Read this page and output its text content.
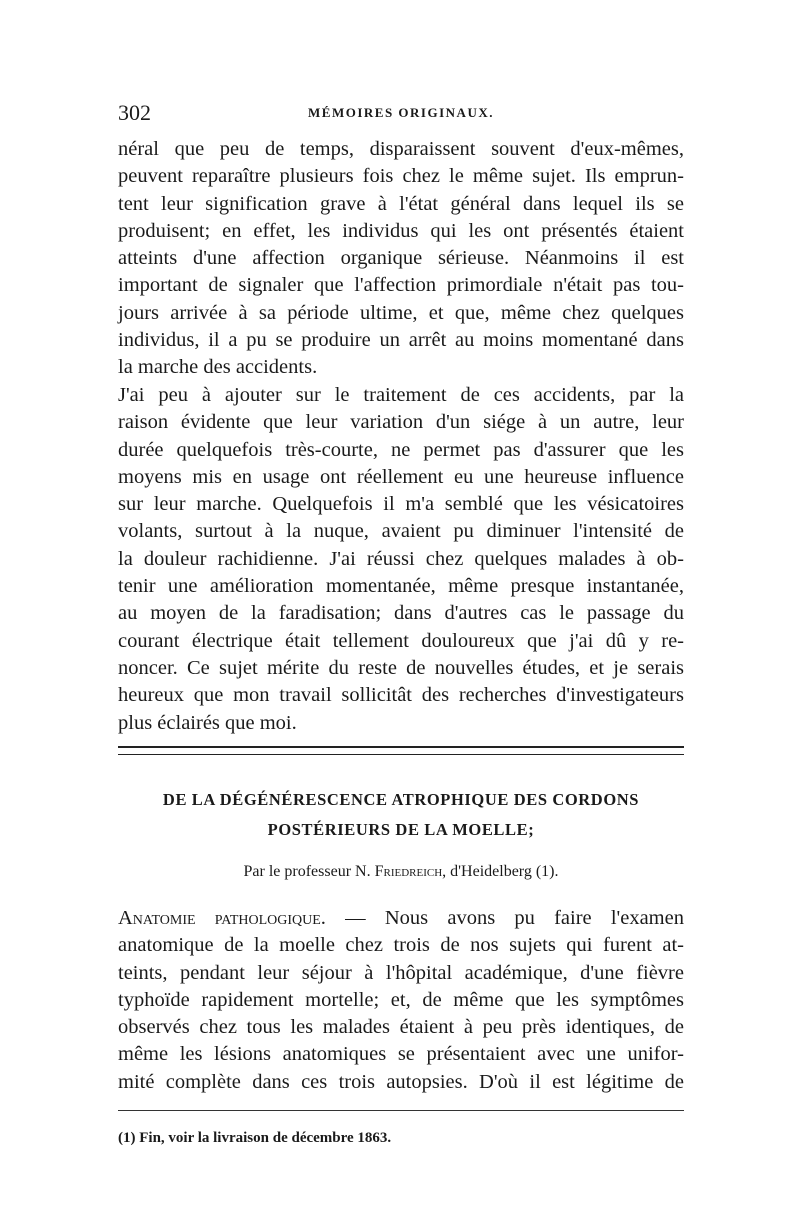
302	MÉMOIRES ORIGINAUX.

néral que peu de temps, disparaissent souvent d'eux-mêmes,

peuvent reparaître plusieurs fois chez le même sujet. Ils emprun-

tent leur signification grave à l'état général dans lequel ils se

produisent; en effet, les individus qui les ont présentés étaient

atteints d'une affection organique sérieuse. Néanmoins il est

important de signaler que l'affection primordiale n'était pas tou-

jours arrivée à sa période ultime, et que, même chez quelques

individus, il a pu se produire un arrêt au moins momentané dans

la marche des accidents.

J'ai peu à ajouter sur le traitement de ces accidents, par la

raison évidente que leur variation d'un siége à un autre, leur

durée quelquefois très-courte, ne permet pas d'assurer que les

moyens mis en usage ont réellement eu une heureuse influence

sur leur marche. Quelquefois il m'a semblé que les vésicatoires

volants, surtout à la nuque, avaient pu diminuer l'intensité de

la douleur rachidienne. J'ai réussi chez quelques malades à ob-

tenir une amélioration momentanée, même presque instantanée,

au moyen de la faradisation; dans d'autres cas le passage du

courant électrique était tellement douloureux que j'ai dû y re-

noncer. Ce sujet mérite du reste de nouvelles études, et je serais

heureux que mon travail sollicitât des recherches d'investigateurs

plus éclairés que moi.

DE LA DÉGÉNÉRESCENCE ATROPHIQUE DES CORDONS
POSTÉRIEURS DE LA MOELLE;
Par le professeur N. Friedreich, d'Heidelberg (1).

Anatomie pathologique. — Nous avons pu faire l'examen

anatomique de la moelle chez trois de nos sujets qui furent at-

teints, pendant leur séjour à l'hôpital académique, d'une fièvre

typhoïde rapidement mortelle; et, de même que les symptômes

observés chez tous les malades étaient à peu près identiques, de

même les lésions anatomiques se présentaient avec une unifor-

mité complète dans ces trois autopsies. D'où il est légitime de

(1) Fin, voir la livraison de décembre 1863.
